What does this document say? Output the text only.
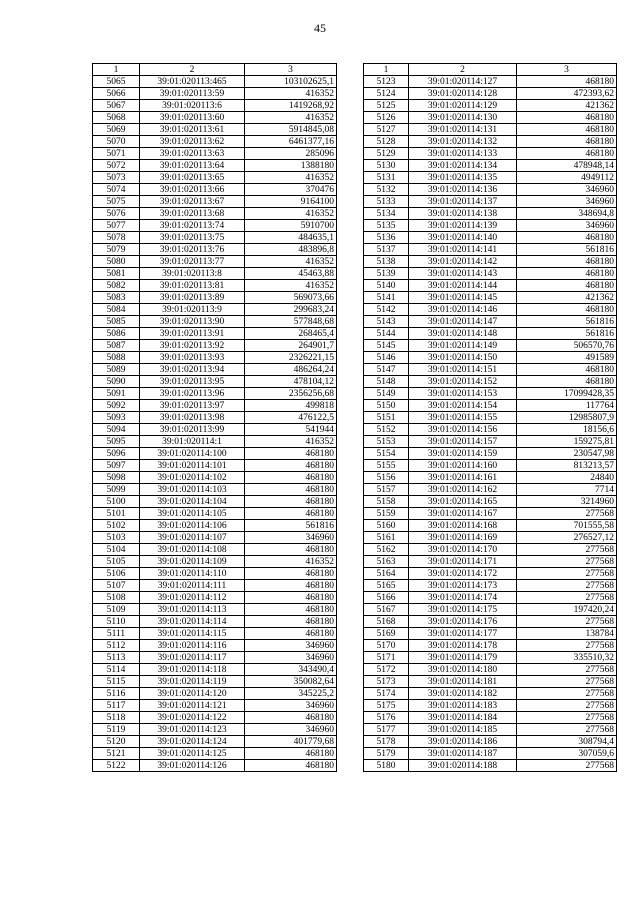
45
1	2	3
5065	39:01:020113:465	103102625,1
5066	39:01:020113:59	416352
5067	39:01:020113:6	1419268,92
5068	39:01:020113:60	416352
5069	39:01:020113:61	5914845,08
5070	39:01:020113:62	6461377,16
5071	39:01:020113:63	285096
5072	39:01:020113:64	1388180
5073	39:01:020113:65	416352
5074	39:01:020113:66	370476
5075	39:01:020113:67	9164100
5076	39:01:020113:68	416352
5077	39:01:020113:74	5910700
5078	39:01:020113:75	484635,1
5079	39:01:020113:76	483896,8
5080	39:01:020113:77	416352
5081	39:01:020113:8	45463,88
5082	39:01:020113:81	416352
5083	39:01:020113:89	569073,66
5084	39:01:020113:9	299683,24
5085	39:01:020113:90	577848,68
5086	39:01:020113:91	268465,4
5087	39:01:020113:92	264901,7
5088	39:01:020113:93	2326221,15
5089	39:01:020113:94	486264,24
5090	39:01:020113:95	478104,12
5091	39:01:020113:96	2356256,68
5092	39:01:020113:97	499818
5093	39:01:020113:98	476122,5
5094	39:01:020113:99	541944
5095	39:01:020114:1	416352
5096	39:01:020114:100	468180
5097	39:01:020114:101	468180
5098	39:01:020114:102	468180
5099	39:01:020114:103	468180
5100	39:01:020114:104	468180
5101	39:01:020114:105	468180
5102	39:01:020114:106	561816
5103	39:01:020114:107	346960
5104	39:01:020114:108	468180
5105	39:01:020114:109	416352
5106	39:01:020114:110	468180
5107	39:01:020114:111	468180
5108	39:01:020114:112	468180
5109	39:01:020114:113	468180
5110	39:01:020114:114	468180
5111	39:01:020114:115	468180
5112	39:01:020114:116	346960
5113	39:01:020114:117	346960
5114	39:01:020114:118	343490,4
5115	39:01:020114:119	350082,64
5116	39:01:020114:120	345225,2
5117	39:01:020114:121	346960
5118	39:01:020114:122	468180
5119	39:01:020114:123	346960
5120	39:01:020114:124	401779,68
5121	39:01:020114:125	468180
5122	39:01:020114:126	468180
1	2	3
5123	39:01:020114:127	468180
5124	39:01:020114:128	472393,62
5125	39:01:020114:129	421362
5126	39:01:020114:130	468180
5127	39:01:020114:131	468180
5128	39:01:020114:132	468180
5129	39:01:020114:133	468180
5130	39:01:020114:134	478948,14
5131	39:01:020114:135	4949112
5132	39:01:020114:136	346960
5133	39:01:020114:137	346960
5134	39:01:020114:138	348694,8
5135	39:01:020114:139	346960
5136	39:01:020114:140	468180
5137	39:01:020114:141	561816
5138	39:01:020114:142	468180
5139	39:01:020114:143	468180
5140	39:01:020114:144	468180
5141	39:01:020114:145	421362
5142	39:01:020114:146	468180
5143	39:01:020114:147	561816
5144	39:01:020114:148	561816
5145	39:01:020114:149	506570,76
5146	39:01:020114:150	491589
5147	39:01:020114:151	468180
5148	39:01:020114:152	468180
5149	39:01:020114:153	17099428,35
5150	39:01:020114:154	117764
5151	39:01:020114:155	12985807,9
5152	39:01:020114:156	18156,6
5153	39:01:020114:157	159275,81
5154	39:01:020114:159	230547,98
5155	39:01:020114:160	813213,57
5156	39:01:020114:161	24840
5157	39:01:020114:162	7714
5158	39:01:020114:165	3214960
5159	39:01:020114:167	277568
5160	39:01:020114:168	701555,58
5161	39:01:020114:169	276527,12
5162	39:01:020114:170	277568
5163	39:01:020114:171	277568
5164	39:01:020114:172	277568
5165	39:01:020114:173	277568
5166	39:01:020114:174	277568
5167	39:01:020114:175	197420,24
5168	39:01:020114:176	277568
5169	39:01:020114:177	138784
5170	39:01:020114:178	277568
5171	39:01:020114:179	335510,32
5172	39:01:020114:180	277568
5173	39:01:020114:181	277568
5174	39:01:020114:182	277568
5175	39:01:020114:183	277568
5176	39:01:020114:184	277568
5177	39:01:020114:185	277568
5178	39:01:020114:186	308794,4
5179	39:01:020114:187	307059,6
5180	39:01:020114:188	277568
